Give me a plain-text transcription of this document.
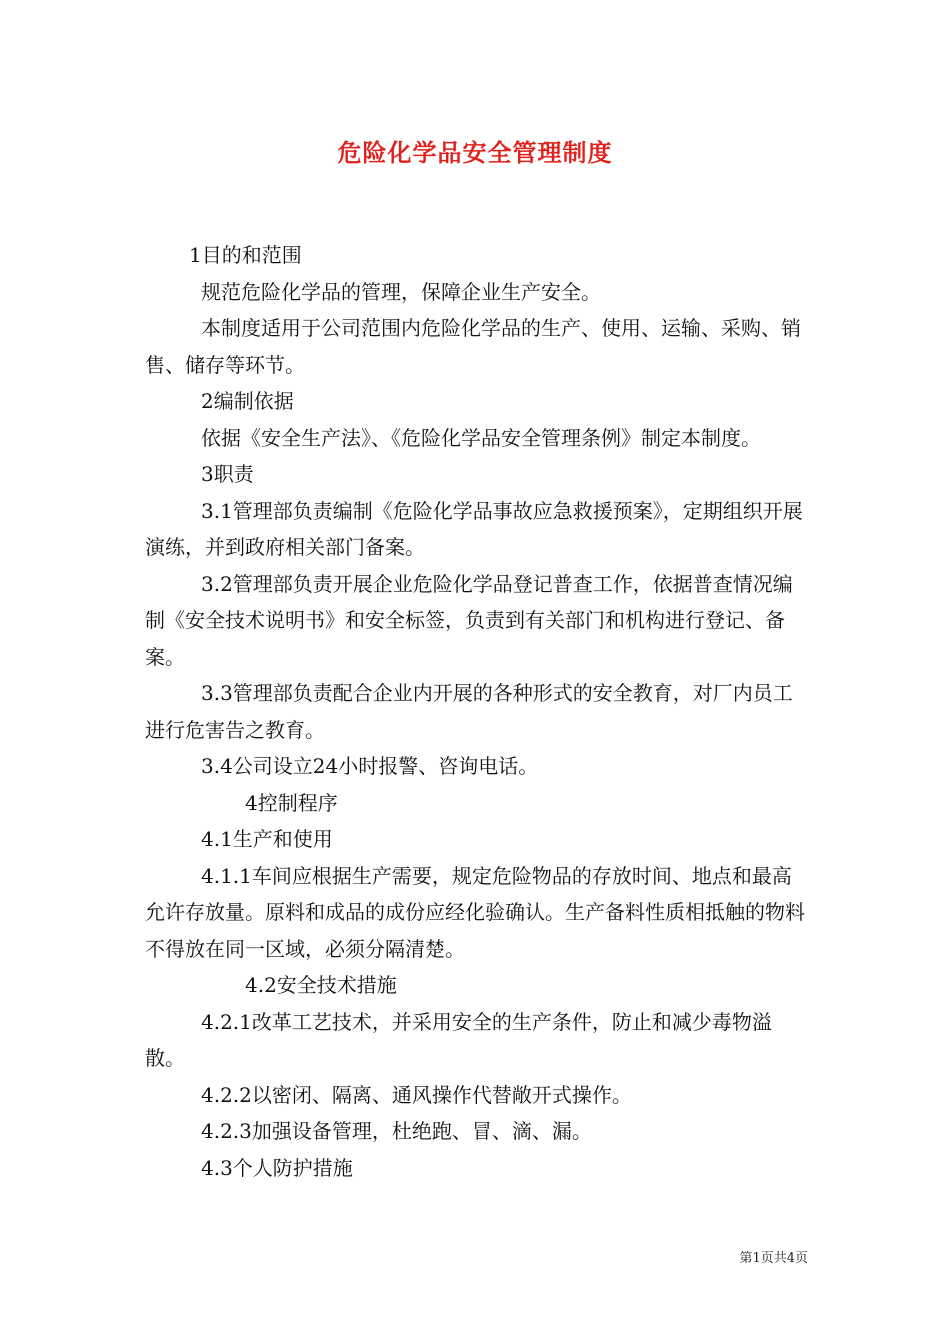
危险化学品安全管理制度

1目的和范围

规范危险化学品的管理，保障企业生产安全。

本制度适用于公司范围内危险化学品的生产、使用、运输、采购、销售、储存等环节。

2编制依据

依据《安全生产法》、《危险化学品安全管理条例》制定本制度。

3职责

3.1管理部负责编制《危险化学品事故应急救援预案》，定期组织开展演练，并到政府相关部门备案。

3.2管理部负责开展企业危险化学品登记普查工作，依据普查情况编制《安全技术说明书》和安全标签，负责到有关部门和机构进行登记、备案。

3.3管理部负责配合企业内开展的各种形式的安全教育，对厂内员工进行危害告之教育。

3.4公司设立24小时报警、咨询电话。

4控制程序

4.1生产和使用

4.1.1车间应根据生产需要，规定危险物品的存放时间、地点和最高允许存放量。原料和成品的成份应经化验确认。生产备料性质相抵触的物料不得放在同一区域，必须分隔清楚。

4.2安全技术措施

4.2.1改革工艺技术，并采用安全的生产条件，防止和减少毒物溢散。

4.2.2以密闭、隔离、通风操作代替敞开式操作。

4.2.3加强设备管理，杜绝跑、冒、滴、漏。

4.3个人防护措施

第1页共4页
